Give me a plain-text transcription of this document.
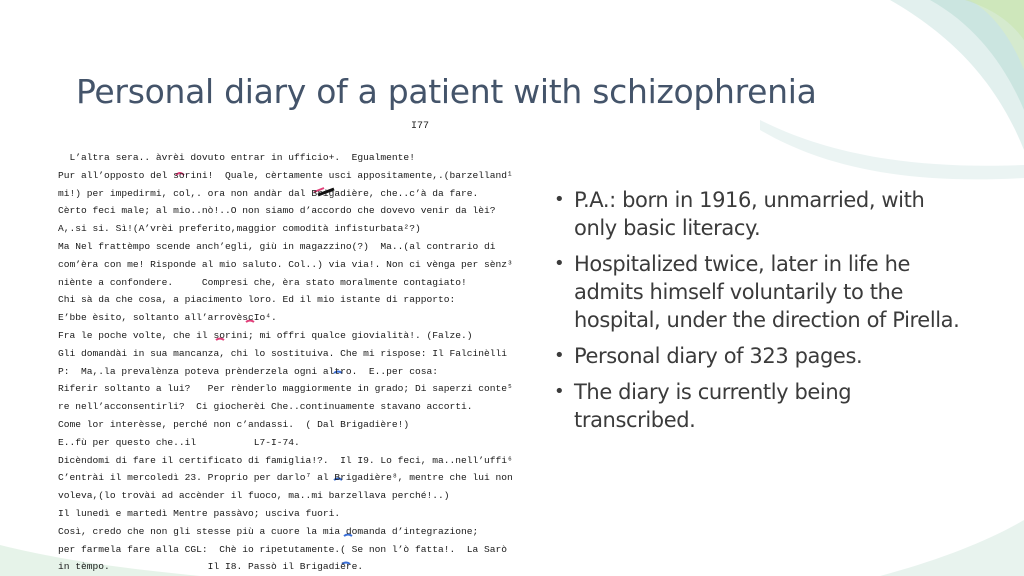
Personal diary of a patient with schizophrenia
I77
L’altra sera.. àvrèi dovuto entrar in ufficio+.  Egualmente!
Pur all’opposto del sorini!  Quale, cèrtamente usci appositamente,.(barzelland¹
mi!) per impedirmi, col,. ora non andàr dal Brigadière, che..c’à da fare.
Cèrto feci male; al mio..nò!..O non siamo d’accordo che dovevo venir da lèi?
A,.si si. Sì!(A’vrèi preferito,maggior comodità infisturbata²?)
Ma Nel frattèmpo scende anch’egli, giù in magazzino(?)  Ma..(al contrario di
com’èra con me! Risponde al mio saluto. Col..) via via!. Non ci vènga per sènz³
niènte a confondere.     Compresi che, èra stato moralmente contagiato!
Chi sà da che cosa, a piacimento loro. Ed il mio istante di rapporto:
E’bbe èsito, soltanto all’arrovèscIo⁴.
Fra le poche volte, che il sorini; mi offri qualce giovialità!. (Falze.)
Gli domandài in sua mancanza, chi lo sostituiva. Che mi rispose: Il Falcinèlli
P:  Ma,.la prevalènza poteva prènderzela ogni altro.  E..per cosa:
Riferir soltanto a lui?   Per rènderlo maggiormente in grado; Di saperzi conte⁵
re nell’acconsentirli?  Ci giocherèi Che..continuamente stavano accorti.
Come lor interèsse, perché non c’andassi.  ( Dal Brigadière!)
E..fù per questo che..il          L7-I-74.
Dicèndomi di fare il certificato di famiglia!?.  Il I9. Lo feci, ma..nell’uffi⁶
C’entrài il mercoledì 23. Proprio per darlo⁷ al Brigadière⁸, mentre che lui non
voleva,(lo trovài ad accènder il fuoco, ma..mi barzellava perché!..)
Il lunedì e martedì Mentre passàvo; usciva fuori.
Così, credo che non gli stesse più a cuore la mia domanda d’integrazione;
per farmela fare alla CGL:  Chè io ripetutamente.( Se non l’ò fatta!.  La Sarò
in tèmpo.                 Il I8. Passò il Brigadière.
• P.A.: born in 1916, unmarried, with only basic literacy.
• Hospitalized twice, later in life he admits himself voluntarily to the hospital, under the direction of Pirella.
• Personal diary of 323 pages.
• The diary is currently being transcribed.
